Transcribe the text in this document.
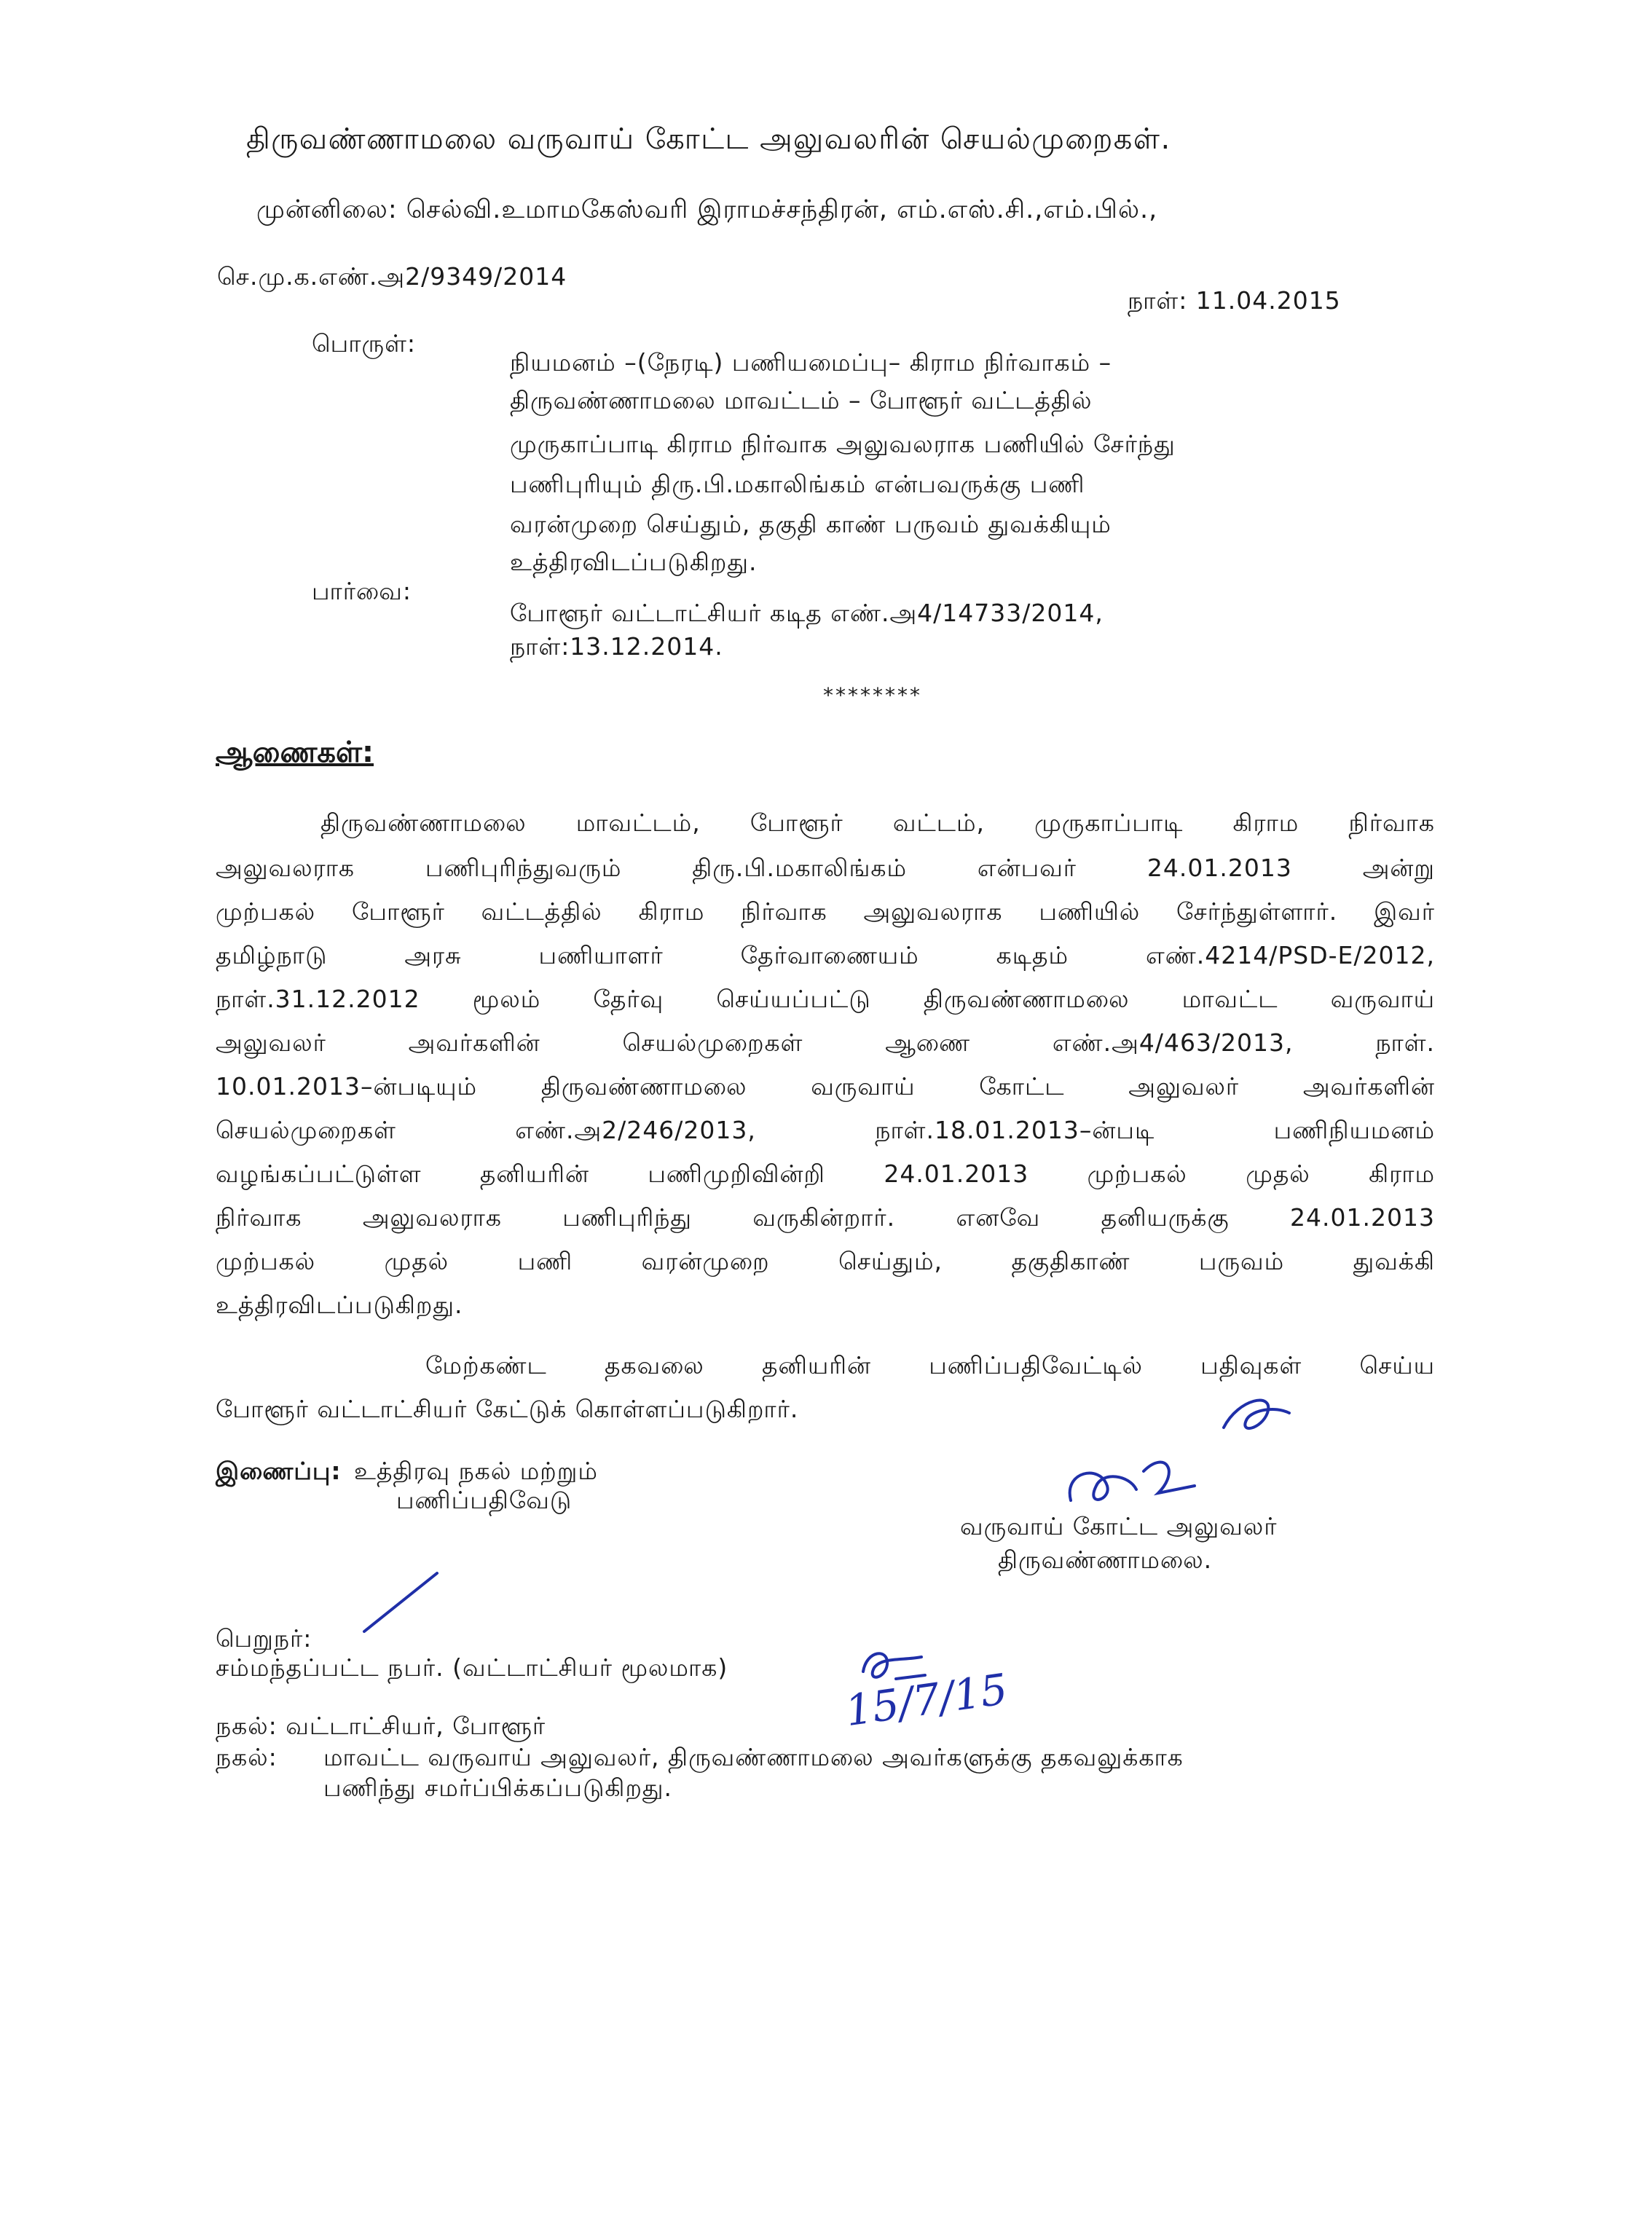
திருவண்ணாமலை வருவாய் கோட்ட அலுவலரின் செயல்முறைகள்.
முன்னிலை: செல்வி.உமாமகேஸ்வரி இராமச்சந்திரன், எம்.எஸ்.சி.,எம்.பில்.,
செ.மு.க.எண்.அ2/9349/2014
நாள்: 11.04.2015
பொருள்:
நியமனம் –(நேரடி) பணியமைப்பு– கிராம நிர்வாகம் –
திருவண்ணாமலை மாவட்டம் – போளூர் வட்டத்தில்
முருகாப்பாடி கிராம நிர்வாக அலுவலராக பணியில் சேர்ந்து
பணிபுரியும் திரு.பி.மகாலிங்கம் என்பவருக்கு பணி
வரன்முறை செய்தும், தகுதி காண் பருவம் துவக்கியும்
உத்திரவிடப்படுகிறது.
பார்வை:
போளூர் வட்டாட்சியர் கடித எண்.அ4/14733/2014,
நாள்:13.12.2014.
********
ஆணைகள்:
திருவண்ணாமலை மாவட்டம், போளூர் வட்டம், முருகாப்பாடி கிராம நிர்வாக
அலுவலராக பணிபுரிந்துவரும் திரு.பி.மகாலிங்கம் என்பவர் 24.01.2013 அன்று
முற்பகல் போளூர் வட்டத்தில் கிராம நிர்வாக அலுவலராக பணியில் சேர்ந்துள்ளார். இவர்
தமிழ்நாடு அரசு பணியாளர் தேர்வாணையம் கடிதம் எண்.4214/PSD-E/2012,
நாள்.31.12.2012 மூலம் தேர்வு செய்யப்பட்டு திருவண்ணாமலை மாவட்ட வருவாய்
அலுவலர் அவர்களின் செயல்முறைகள் ஆணை எண்.அ4/463/2013, நாள்.
10.01.2013–ன்படியும் திருவண்ணாமலை வருவாய் கோட்ட அலுவலர் அவர்களின்
செயல்முறைகள் எண்.அ2/246/2013, நாள்.18.01.2013–ன்படி பணிநியமனம்
வழங்கப்பட்டுள்ள தனியரின் பணிமுறிவின்றி 24.01.2013 முற்பகல் முதல் கிராம
நிர்வாக அலுவலராக பணிபுரிந்து வருகின்றார். எனவே தனியருக்கு 24.01.2013
முற்பகல் முதல் பணி வரன்முறை செய்தும், தகுதிகாண் பருவம் துவக்கி
உத்திரவிடப்படுகிறது.
மேற்கண்ட தகவலை தனியரின் பணிப்பதிவேட்டில் பதிவுகள் செய்ய
போளூர் வட்டாட்சியர் கேட்டுக் கொள்ளப்படுகிறார்.
இணைப்பு: உத்திரவு நகல் மற்றும்
பணிப்பதிவேடு
வருவாய் கோட்ட அலுவலர்
திருவண்ணாமலை.
பெறுநர்:
சம்மந்தப்பட்ட நபர். (வட்டாட்சியர் மூலமாக)	15/7/15
நகல்: வட்டாட்சியர், போளூர்
நகல்: மாவட்ட வருவாய் அலுவலர், திருவண்ணாமலை அவர்களுக்கு தகவலுக்காக
பணிந்து சமர்ப்பிக்கப்படுகிறது.
